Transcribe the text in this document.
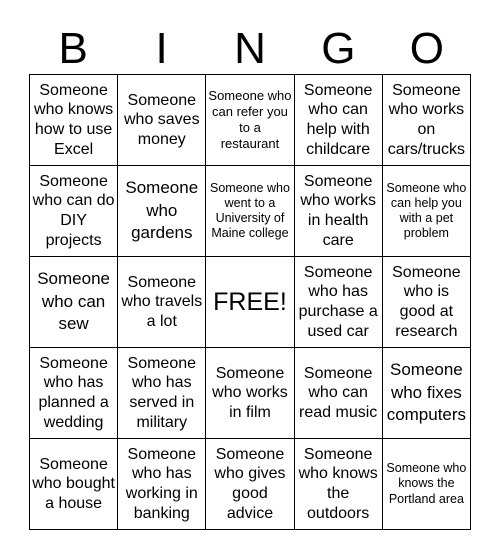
B	I	N	G	O
Someone who knows how to use Excel	Someone who saves money	Someone who can refer you to a restaurant	Someone who can help with childcare	Someone who works on cars/trucks

Someone who can do DIY projects	Someone who gardens	Someone who went to a University of Maine college	Someone who works in health care	Someone who can help you with a pet problem

Someone who can sew	Someone who travels a lot	FREE!	Someone who has purchase a used car	Someone who is good at research

Someone who has planned a wedding	Someone who has served in military	Someone who works in film	Someone who can read music	Someone who fixes computers

Someone who bought a house	Someone who has working in banking	Someone who gives good advice	Someone who knows the outdoors	Someone who knows the Portland area
